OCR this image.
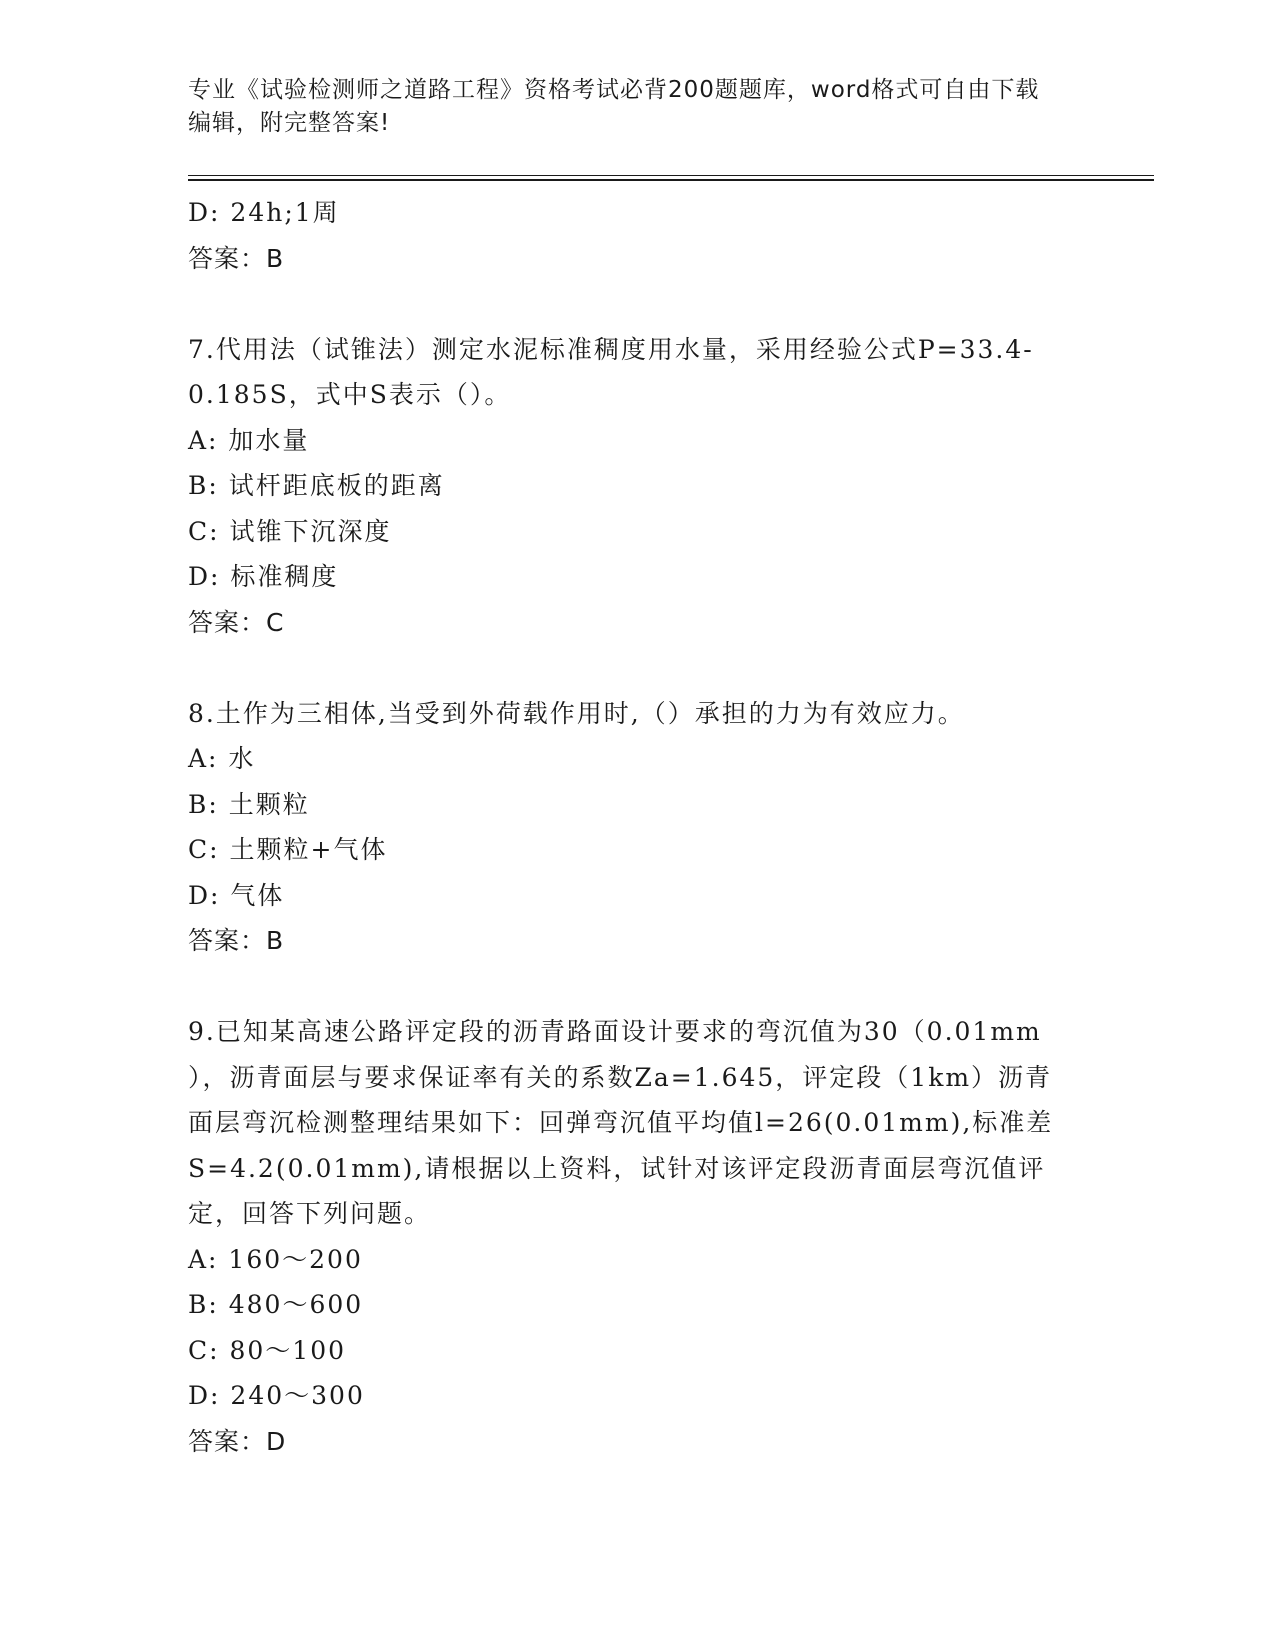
专业《试验检测师之道路工程》资格考试必背200题题库，word格式可自由下载
编辑，附完整答案!
D: 24h;1周
答案：B
7.代用法（试锥法）测定水泥标准稠度用水量，采用经验公式P=33.4-
0.185S，式中S表示（）。
A: 加水量
B: 试杆距底板的距离
C: 试锥下沉深度
D: 标准稠度
答案：C
8.土作为三相体,当受到外荷载作用时,（）承担的力为有效应力。
A: 水
B: 土颗粒
C: 土颗粒+气体
D: 气体
答案：B
9.已知某高速公路评定段的沥青路面设计要求的弯沉值为30（0.01mm
），沥青面层与要求保证率有关的系数Za=1.645，评定段（1km）沥青
面层弯沉检测整理结果如下：回弹弯沉值平均值l=26(0.01mm),标准差
S=4.2(0.01mm),请根据以上资料，试针对该评定段沥青面层弯沉值评
定，回答下列问题。
A: 160～200
B: 480～600
C: 80～100
D: 240～300
答案：D
